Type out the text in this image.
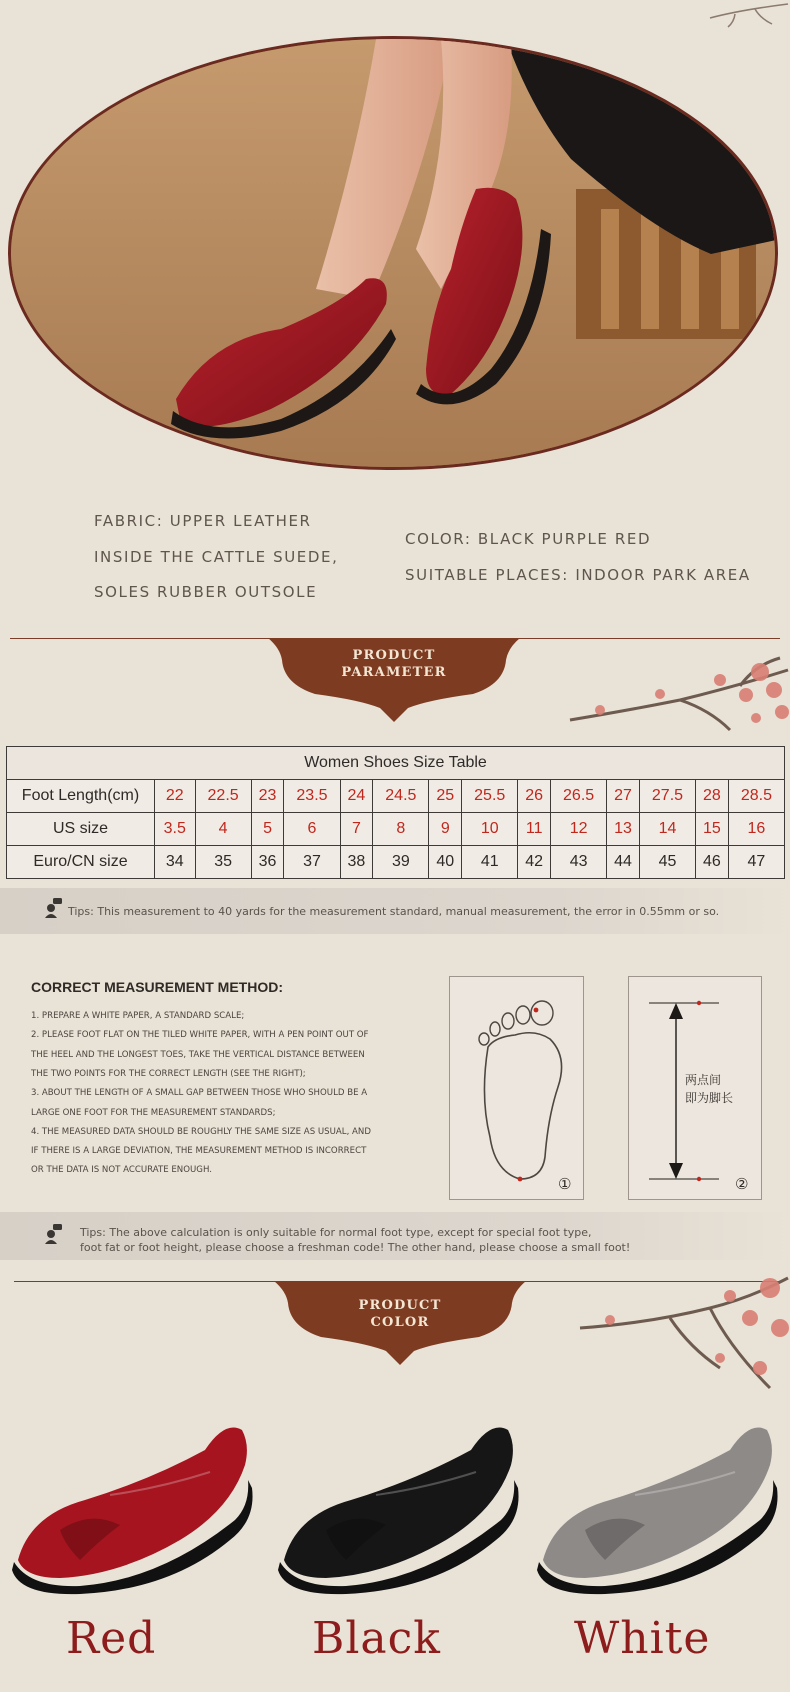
FABRIC: UPPER LEATHER
INSIDE THE CATTLE SUEDE,
SOLES RUBBER OUTSOLE
COLOR: BLACK PURPLE RED
SUITABLE PLACES: INDOOR PARK AREA
PRODUCT
PARAMETER
Women Shoes Size Table														
Foot Length(cm)	22	22.5	23	23.5	24	24.5	25	25.5	26	26.5	27	27.5	28	28.5
US size	3.5	4	5	6	7	8	9	10	11	12	13	14	15	16
Euro/CN size	34	35	36	37	38	39	40	41	42	43	44	45	46	47
Tips: This measurement to 40 yards for the measurement standard, manual measurement, the error in 0.55mm or so.
CORRECT MEASUREMENT METHOD:
1. PREPARE A WHITE PAPER, A STANDARD SCALE;
2. PLEASE FOOT FLAT ON THE TILED WHITE PAPER, WITH A PEN POINT OUT OF
THE HEEL AND THE LONGEST TOES, TAKE THE VERTICAL DISTANCE BETWEEN
THE TWO POINTS FOR THE CORRECT LENGTH (SEE THE RIGHT);
3. ABOUT THE LENGTH OF A SMALL GAP BETWEEN THOSE WHO SHOULD BE A
LARGE ONE FOOT FOR THE MEASUREMENT STANDARDS;
4. THE MEASURED DATA SHOULD BE ROUGHLY THE SAME SIZE AS USUAL, AND
IF THERE IS A LARGE DEVIATION, THE MEASUREMENT METHOD IS INCORRECT
OR THE DATA IS NOT ACCURATE ENOUGH.
①
两点间
即为脚长
②
Tips: The above calculation is only suitable for normal foot type, except for special foot type,
foot fat or foot height, please choose a freshman code! The other hand, please choose a small foot!
PRODUCT
COLOR
Red	Black	White
